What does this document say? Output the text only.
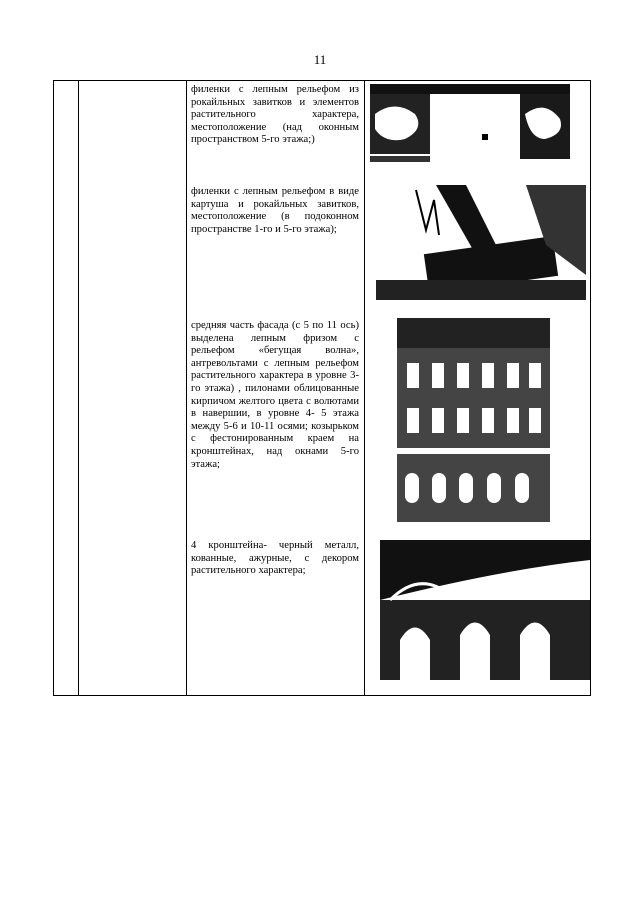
11
филенки с лепным рельефом из рокайльных завитков и элементов растительного характера, местоположение (над оконным пространством 5-го этажа;)
филенки с лепным рельефом в виде картуша и рокайльных завитков, местоположение (в подоконном пространстве 1-го и 5-го этажа);
средняя часть фасада (с 5 по 11 ось) выделена лепным фризом с рельефом «бегущая волна», антревольтами с лепным рельефом растительного характера в уровне 3-го этажа) , пилонами облицованные кирпичом желтого цвета с волютами в навершии, в уровне 4- 5 этажа между 5-6 и 10-11 осями; козырьком с фестонированным краем на кронштейнах, над окнами 5-го этажа;
4 кронштейна- черный металл, кованные, ажурные, с декором растительного характера;
